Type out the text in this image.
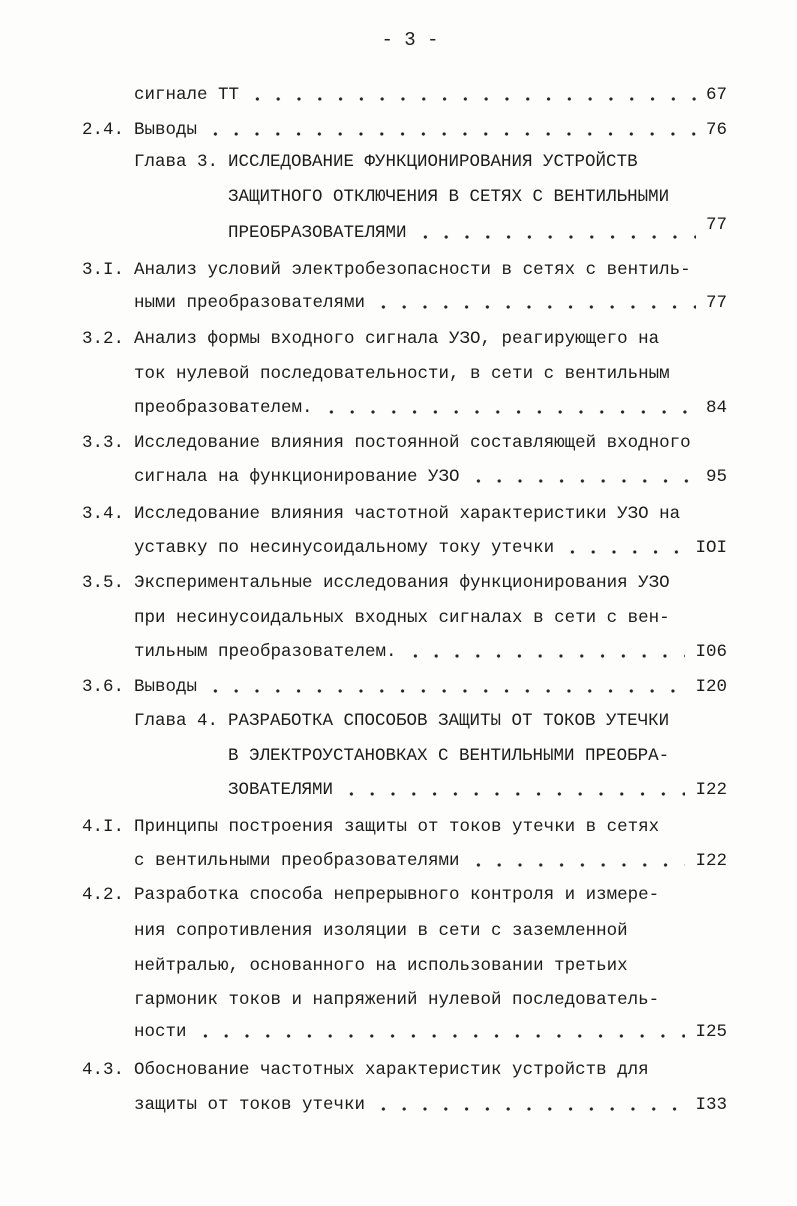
- 3 -
сигнале ТТ	67
2.4. Выводы	76
Глава 3. ИССЛЕДОВАНИЕ ФУНКЦИОНИРОВАНИЯ УСТРОЙСТВ
ЗАЩИТНОГО ОТКЛЮЧЕНИЯ В СЕТЯХ С ВЕНТИЛЬНЫМИ
ПРЕОБРАЗОВАТЕЛЯМИ	77
3.I. Анализ условий электробезопасности в сетях с вентиль-
ными преобразователями	77
3.2. Анализ формы входного сигнала УЗО, реагирующего на
ток нулевой последовательности, в сети с вентильным
преобразователем.	84
3.3. Исследование влияния постоянной составляющей входного
сигнала на функционирование УЗО	95
3.4. Исследование влияния частотной характеристики УЗО на
уставку по несинусоидальному току утечки	IOI
3.5. Экспериментальные исследования функционирования УЗО
при несинусоидальных входных сигналах в сети с вен-
тильным преобразователем.	I06
3.6. Выводы	I20
Глава 4. РАЗРАБОТКА СПОСОБОВ ЗАЩИТЫ ОТ ТОКОВ УТЕЧКИ
В ЭЛЕКТРОУСТАНОВКАХ С ВЕНТИЛЬНЫМИ ПРЕОБРА-
ЗОВАТЕЛЯМИ	I22
4.I. Принципы построения защиты от токов утечки в сетях
с вентильными преобразователями	I22
4.2. Разработка способа непрерывного контроля и измере-
ния сопротивления изоляции в сети с заземленной
нейтралью, основанного на использовании третьих
гармоник токов и напряжений нулевой последователь-
ности	I25
4.3. Обоснование частотных характеристик устройств для
защиты от токов утечки	I33
